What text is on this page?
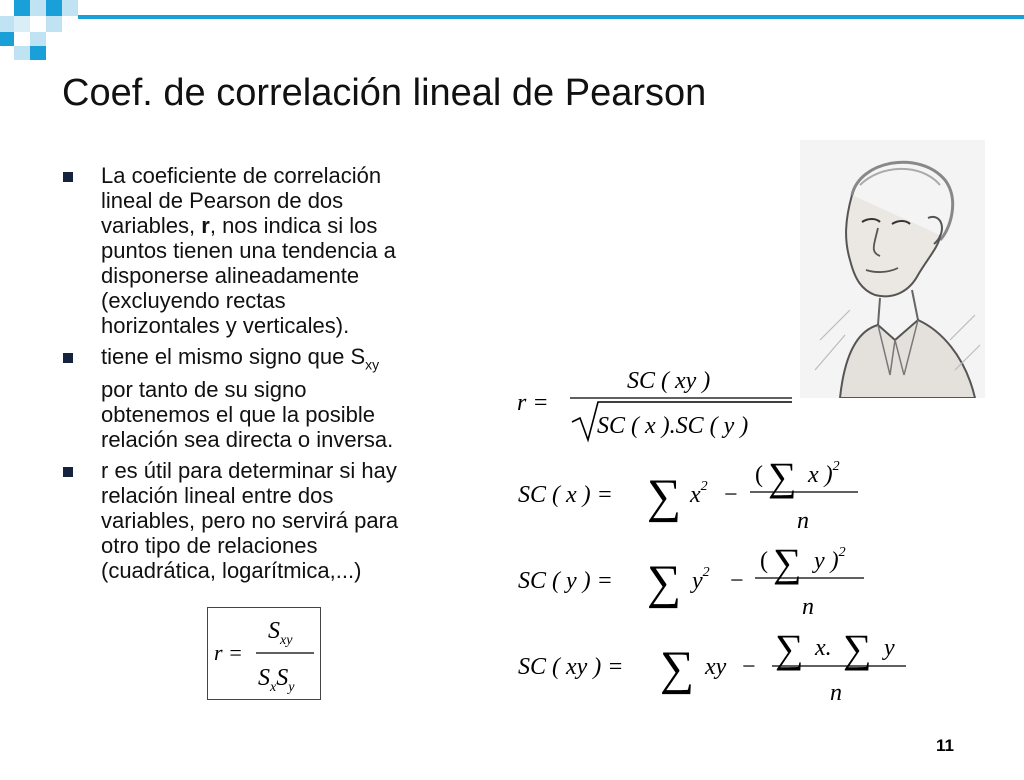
Coef. de correlación lineal de Pearson
La coeficiente de correlación
lineal de Pearson de dos
variables, r, nos indica si los
puntos tienen una tendencia a
disponerse alineadamente
(excluyendo rectas
horizontales y verticales).
tiene el mismo signo que $S_{xy}$
por tanto de su signo
obtenemos el que la posible
relación sea directa o inversa.
r es útil para determinar si hay
relación lineal entre dos
variables, pero no servirá para
otro tipo de relaciones
(cuadrática, logarítmica,...)
r =
$S_{xy}$
$S_xS_y$
r =
SC ( xy )
SC ( x ).SC ( y )
SC ( x ) = ∑ $x^2$ −
( ∑ x )$^2$
n
SC ( y ) = ∑ $y^2$ −
( ∑ y )$^2$
n
SC ( xy ) = ∑ xy − ∑ x. ∑ y
n
11
